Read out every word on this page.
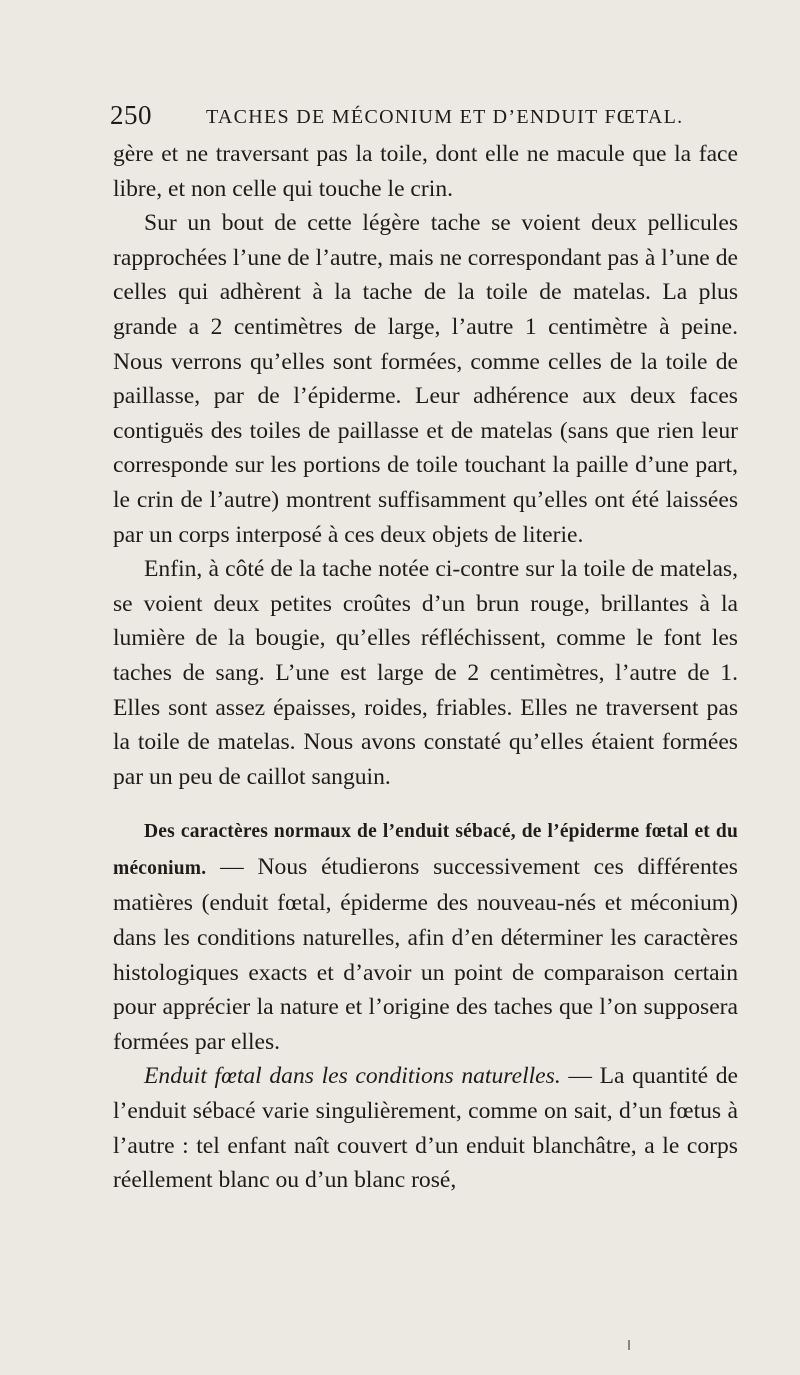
250	TACHES DE MÉCONIUM ET D’ENDUIT FŒTAL.

gère et ne traversant pas la toile, dont elle ne macule que la face libre, et non celle qui touche le crin.

Sur un bout de cette légère tache se voient deux pellicules rapprochées l’une de l’autre, mais ne correspondant pas à l’une de celles qui adhèrent à la tache de la toile de matelas. La plus grande a 2 centimètres de large, l’autre 1 centimètre à peine. Nous verrons qu’elles sont formées, comme celles de la toile de paillasse, par de l’épiderme. Leur adhérence aux deux faces contiguës des toiles de paillasse et de matelas (sans que rien leur corresponde sur les portions de toile touchant la paille d’une part, le crin de l’autre) montrent suffisamment qu’elles ont été laissées par un corps interposé à ces deux objets de literie.

Enfin, à côté de la tache notée ci-contre sur la toile de matelas, se voient deux petites croûtes d’un brun rouge, brillantes à la lumière de la bougie, qu’elles réfléchissent, comme le font les taches de sang. L’une est large de 2 centimètres, l’autre de 1. Elles sont assez épaisses, roides, friables. Elles ne traversent pas la toile de matelas. Nous avons constaté qu’elles étaient formées par un peu de caillot sanguin.

Des caractères normaux de l’enduit sébacé, de l’épiderme fœtal et du méconium. — Nous étudierons successivement ces différentes matières (enduit fœtal, épiderme des nouveau-nés et méconium) dans les conditions naturelles, afin d’en déterminer les caractères histologiques exacts et d’avoir un point de comparaison certain pour apprécier la nature et l’origine des taches que l’on supposera formées par elles.

Enduit fœtal dans les conditions naturelles. — La quantité de l’enduit sébacé varie singulièrement, comme on sait, d’un fœtus à l’autre : tel enfant naît couvert d’un enduit blanchâtre, a le corps réellement blanc ou d’un blanc rosé,
